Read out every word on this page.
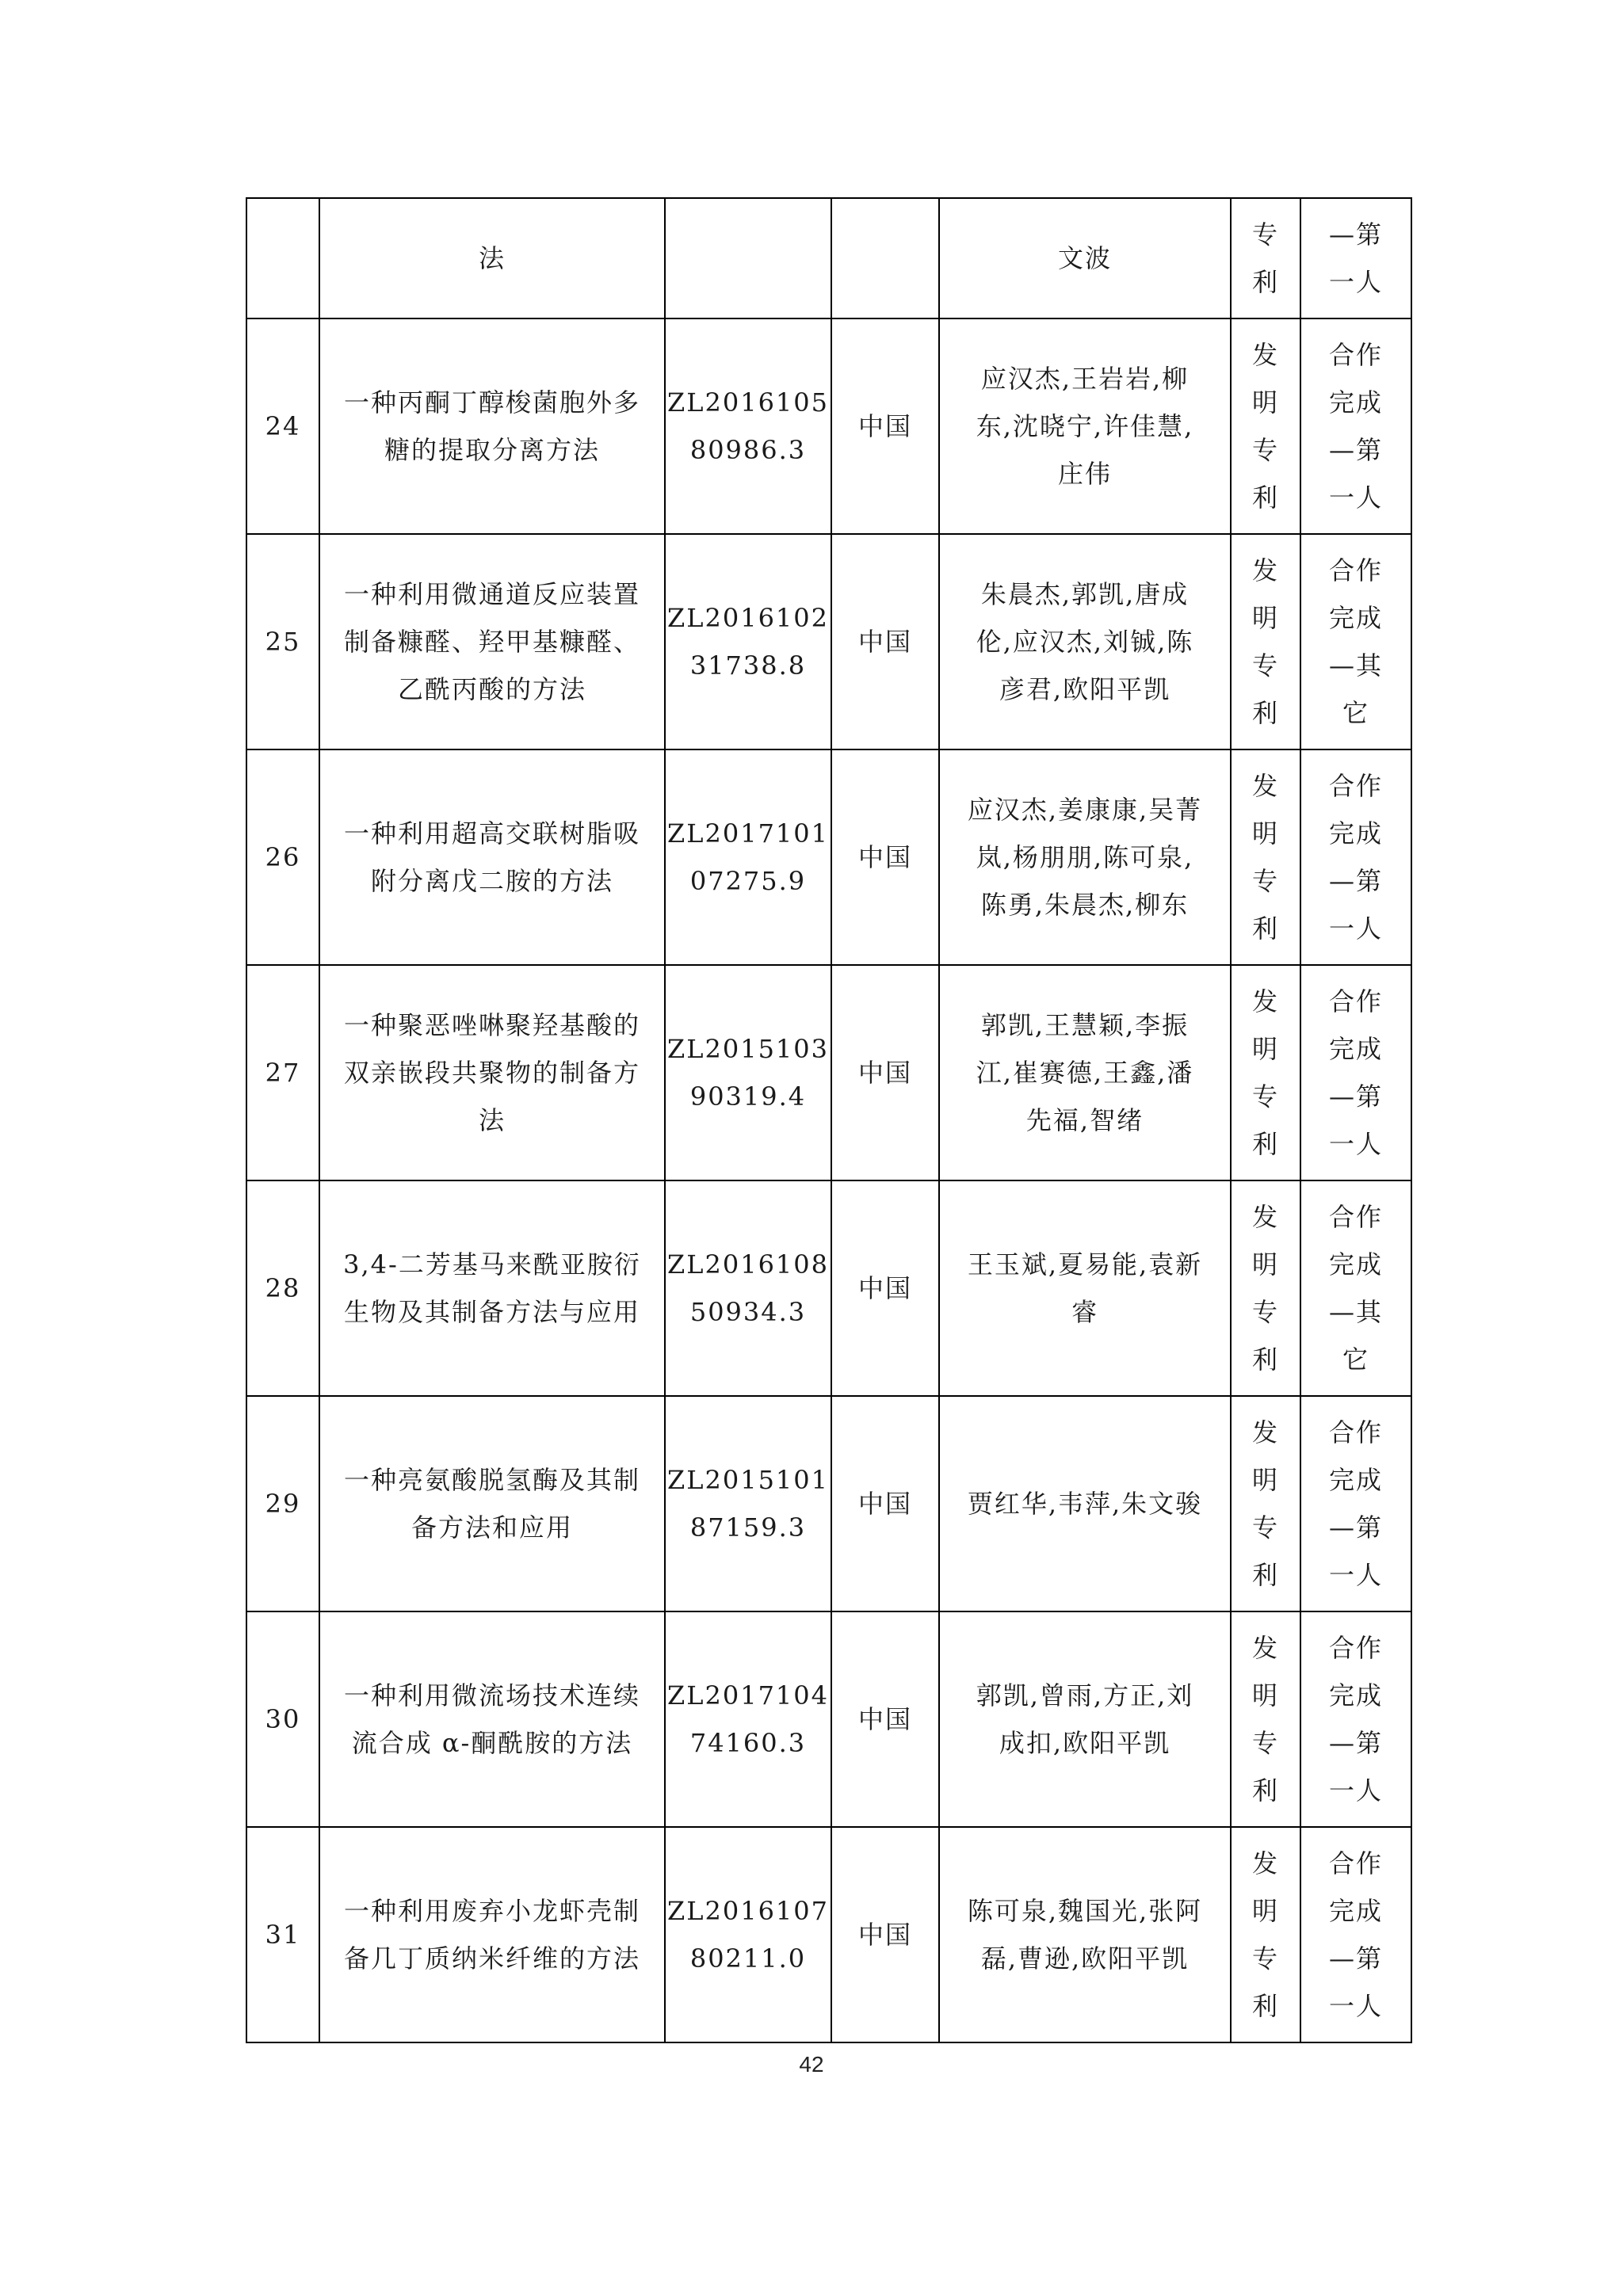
	法			文波	专
利	—第
一人

24	一种丙酮丁醇梭菌胞外多
糖的提取分离方法	ZL2016105
80986.3	中国	应汉杰,王岩岩,柳
东,沈晓宁,许佳慧,
庄伟	发
明
专
利	合作
完成
—第
一人

25	一种利用微通道反应装置
制备糠醛、羟甲基糠醛、
乙酰丙酸的方法	ZL2016102
31738.8	中国	朱晨杰,郭凯,唐成
伦,应汉杰,刘铖,陈
彦君,欧阳平凯	发
明
专
利	合作
完成
—其
它

26	一种利用超高交联树脂吸
附分离戊二胺的方法	ZL2017101
07275.9	中国	应汉杰,姜康康,吴菁
岚,杨朋朋,陈可泉,
陈勇,朱晨杰,柳东	发
明
专
利	合作
完成
—第
一人

27	一种聚恶唑啉聚羟基酸的
双亲嵌段共聚物的制备方
法	ZL2015103
90319.4	中国	郭凯,王慧颖,李振
江,崔赛德,王鑫,潘
先福,智绪	发
明
专
利	合作
完成
—第
一人

28	3,4-二芳基马来酰亚胺衍
生物及其制备方法与应用	ZL2016108
50934.3	中国	王玉斌,夏易能,袁新
睿	发
明
专
利	合作
完成
—其
它

29	一种亮氨酸脱氢酶及其制
备方法和应用	ZL2015101
87159.3	中国	贾红华,韦萍,朱文骏	发
明
专
利	合作
完成
—第
一人

30	一种利用微流场技术连续
流合成 α-酮酰胺的方法	ZL2017104
74160.3	中国	郭凯,曾雨,方正,刘
成扣,欧阳平凯	发
明
专
利	合作
完成
—第
一人

31	一种利用废弃小龙虾壳制
备几丁质纳米纤维的方法	ZL2016107
80211.0	中国	陈可泉,魏国光,张阿
磊,曹逊,欧阳平凯	发
明
专
利	合作
完成
—第
一人
42
